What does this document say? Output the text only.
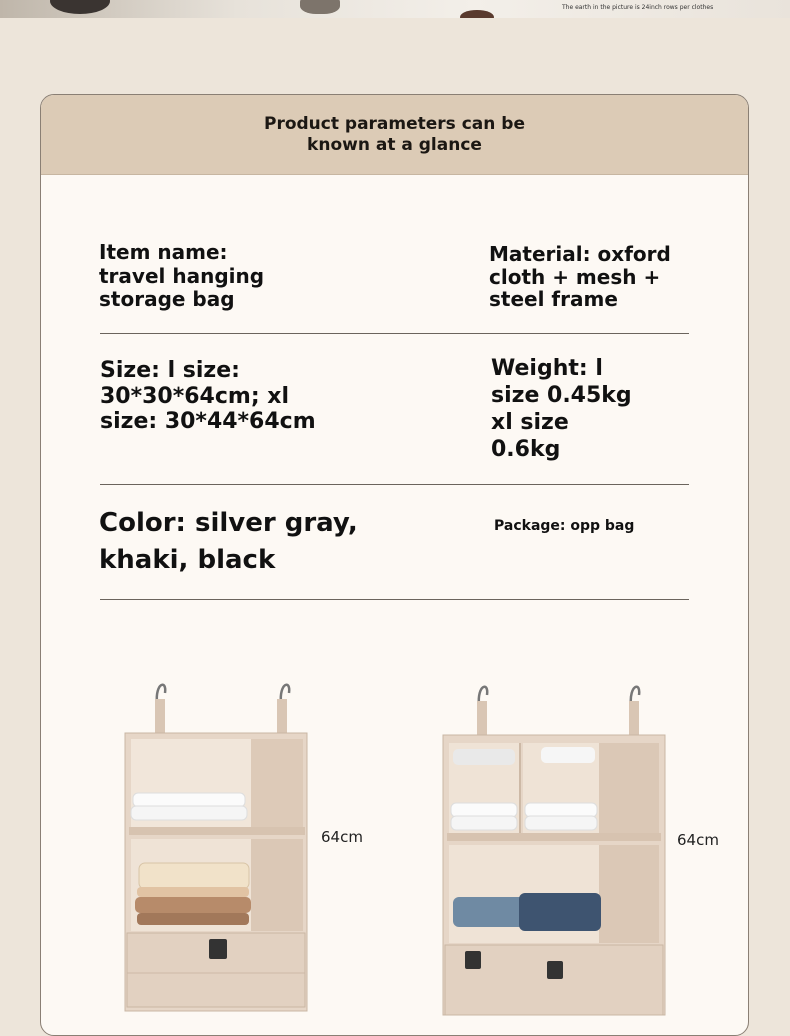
The earth in the picture is 24inch rows per clothes
Product parameters can be known at a glance
Item name: travel hanging storage bag
Material: oxford cloth + mesh + steel frame
Size: l size: 30*30*64cm; xl size: 30*44*64cm
Weight: l size 0.45kg xl size 0.6kg
Color: silver gray, khaki, black
Package: opp bag
64cm	64cm
